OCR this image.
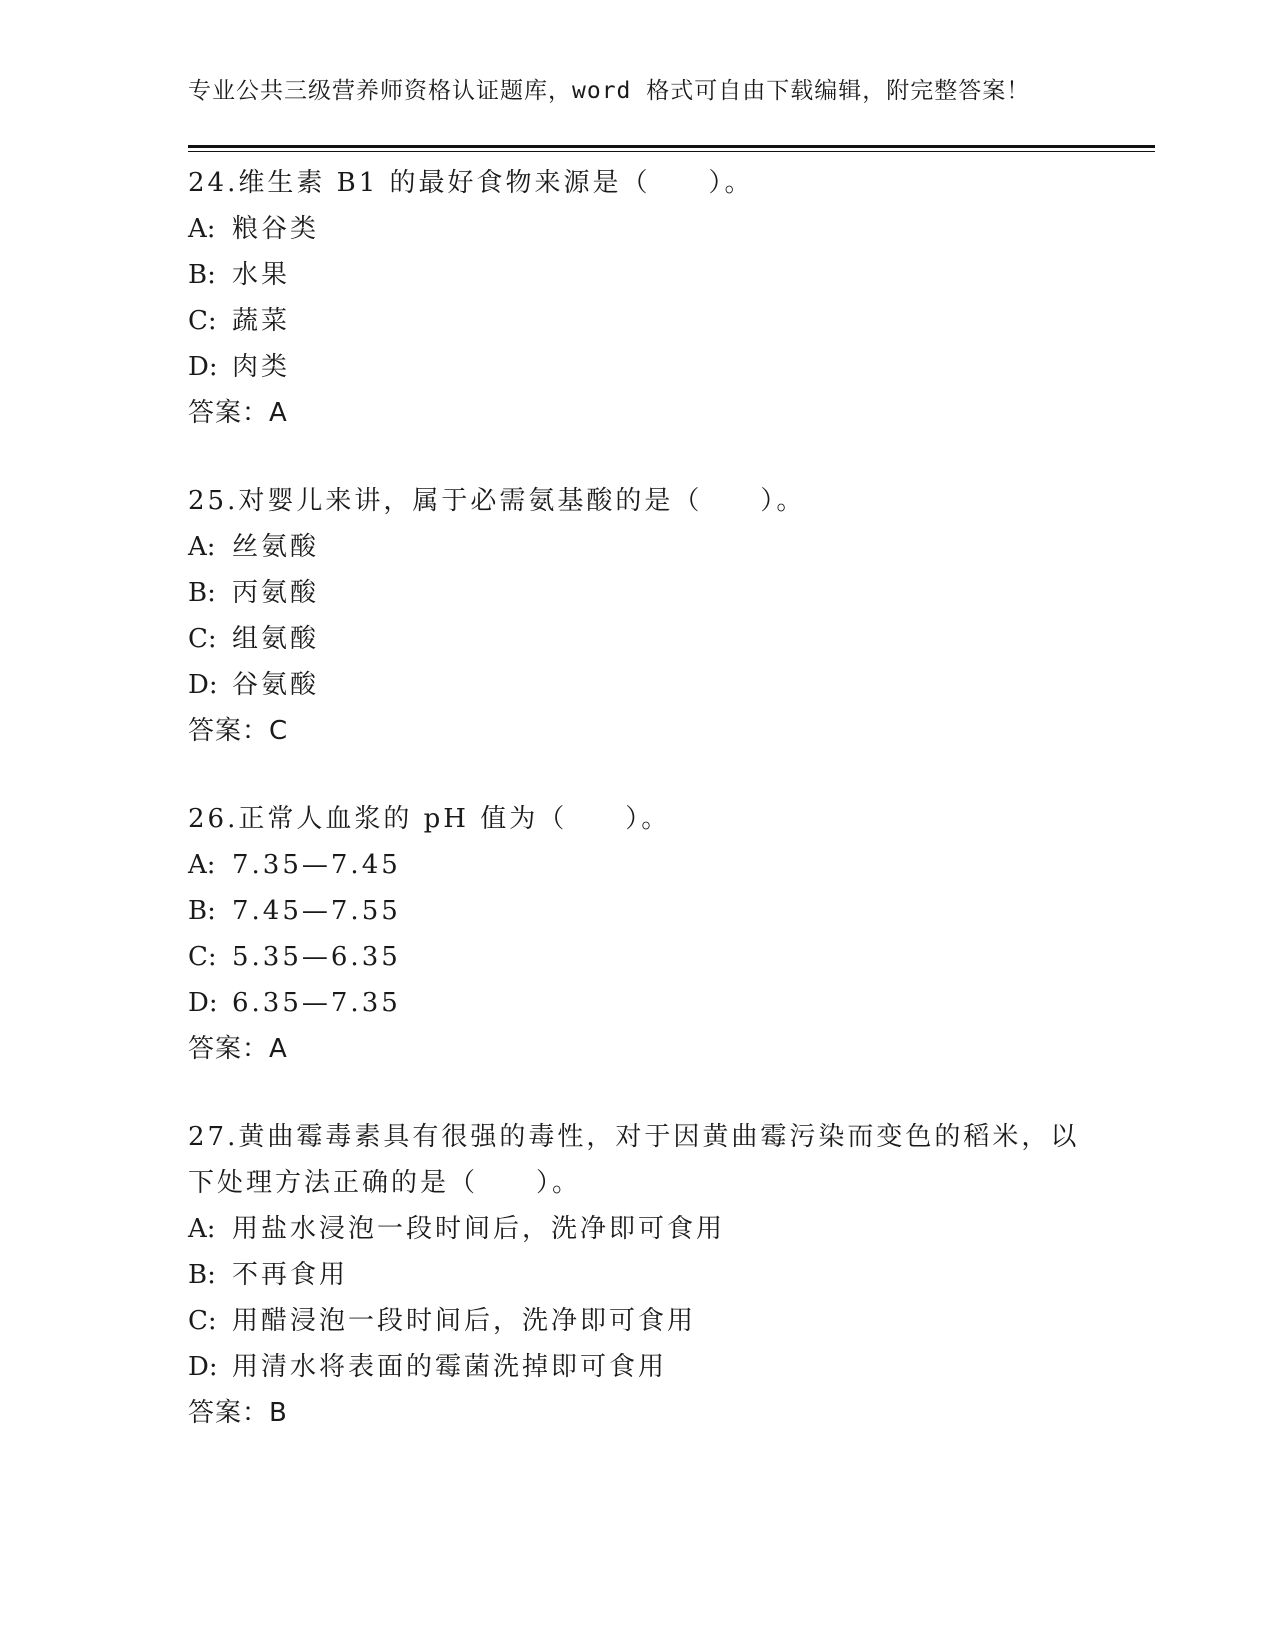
专业公共三级营养师资格认证题库，word 格式可自由下载编辑，附完整答案！
24.维生素 B1 的最好食物来源是（　　）。
A: 粮谷类
B: 水果
C: 蔬菜
D: 肉类
答案：A
25.对婴儿来讲，属于必需氨基酸的是（　　）。
A: 丝氨酸
B: 丙氨酸
C: 组氨酸
D: 谷氨酸
答案：C
26.正常人血浆的 pH 值为（　　）。
A: 7.35—7.45
B: 7.45—7.55
C: 5.35—6.35
D: 6.35—7.35
答案：A
27.黄曲霉毒素具有很强的毒性，对于因黄曲霉污染而变色的稻米，以
下处理方法正确的是（　　）。
A: 用盐水浸泡一段时间后，洗净即可食用
B: 不再食用
C: 用醋浸泡一段时间后，洗净即可食用
D: 用清水将表面的霉菌洗掉即可食用
答案：B
